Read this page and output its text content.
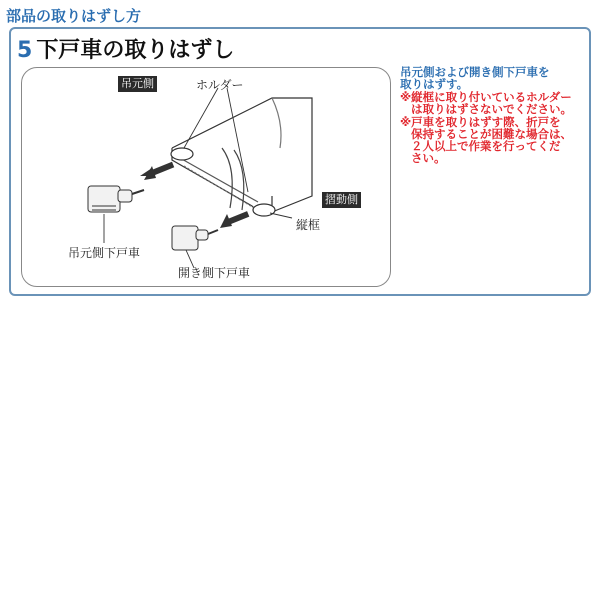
部品の取りはずし方
5 下戸車の取りはずし
吊元側
摺動側
ホルダー
縦框
吊元側下戸車
開き側下戸車
吊元側および開き側下戸車を
取りはずす。
※縦框に取り付いているホルダー
は取りはずさないでください。
※戸車を取りはずす際、折戸を
保持することが困難な場合は、
２人以上で作業を行ってくだ
さい。
